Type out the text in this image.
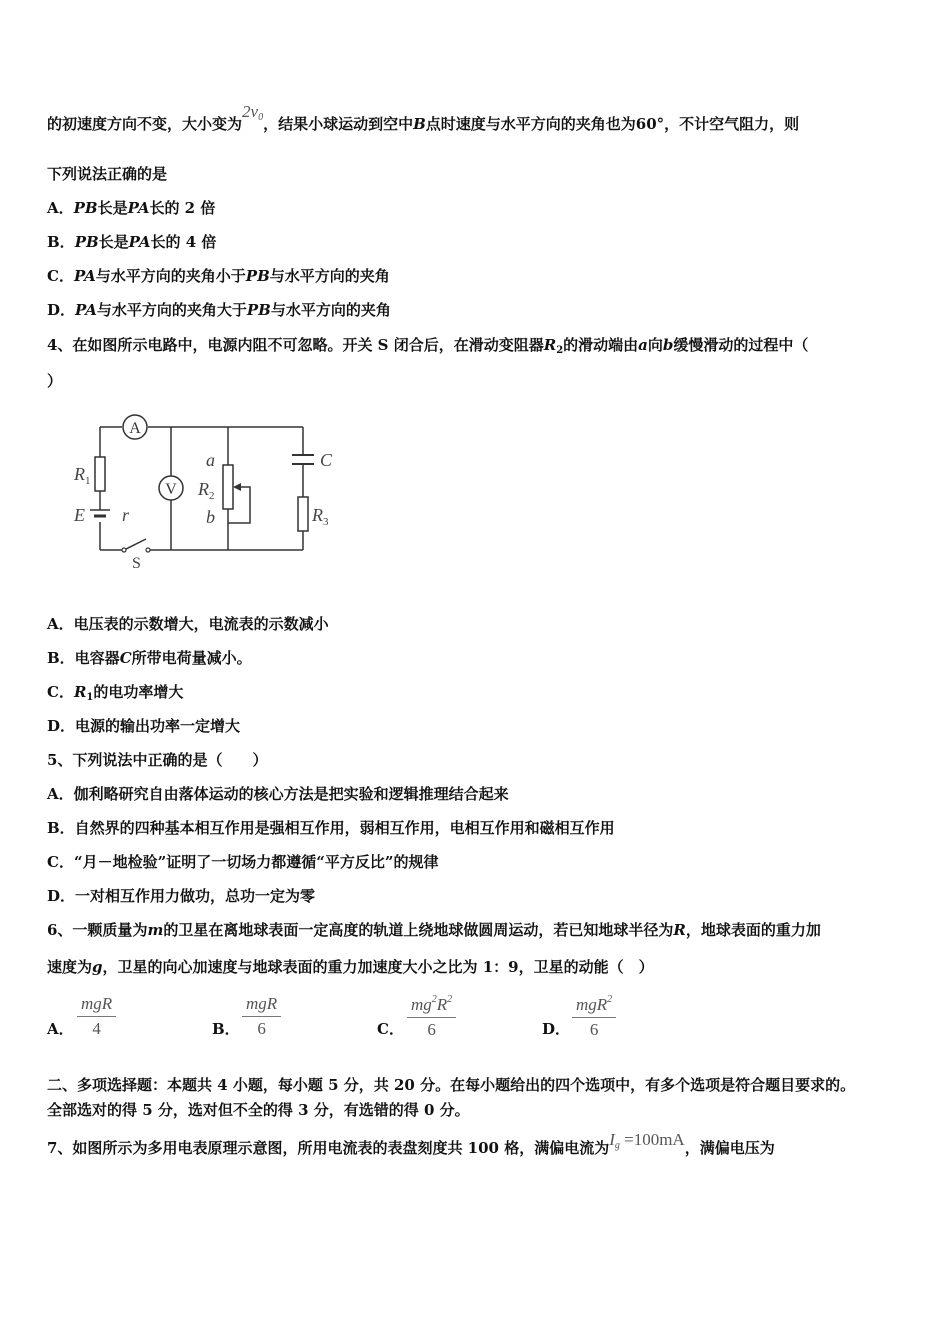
的初速度方向不变，大小变为$2v_0$，结果小球运动到空中B点时速度与水平方向的夹角也为60°，不计空气阻力，则
下列说法正确的是
A．PB长是PA长的 2 倍
B．PB长是PA长的 4 倍
C．PA与水平方向的夹角小于PB与水平方向的夹角
D．PA与水平方向的夹角大于PB与水平方向的夹角
4、在如图所示电路中，电源内阻不可忽略。开关 S 闭合后，在滑动变阻器$R_2$的滑动端由a向b缓慢滑动的过程中（
）
A
V
$R_1$
E r
S
a
$R_2$
b
C
$R_3$
A．电压表的示数增大，电流表的示数减小
B．电容器C所带电荷量减小。
C．$R_1$的电功率增大
D．电源的输出功率一定增大
5、下列说法中正确的是（　　）
A．伽利略研究自由落体运动的核心方法是把实验和逻辑推理结合起来
B．自然界的四种基本相互作用是强相互作用，弱相互作用，电相互作用和磁相互作用
C．“月－地检验”证明了一切场力都遵循“平方反比”的规律
D．一对相互作用力做功，总功一定为零
6、一颗质量为m的卫星在离地球表面一定高度的轨道上绕地球做圆周运动，若已知地球半径为R，地球表面的重力加
速度为g，卫星的向心加速度与地球表面的重力加速度大小之比为 1：9，卫星的动能（　）
A．
mgR
4	B．
mgR
6	C． $\frac{mg^2R^2}{6}$	D．
mgR$^2$
6
二、多项选择题：本题共 4 小题，每小题 5 分，共 20 分。在每小题给出的四个选项中，有多个选项是符合题目要求的。
全部选对的得 5 分，选对但不全的得 3 分，有选错的得 0 分。
7、如图所示为多用电表原理示意图，所用电流表的表盘刻度共 100 格，满偏电流为$I_g =100mA$，满偏电压为
